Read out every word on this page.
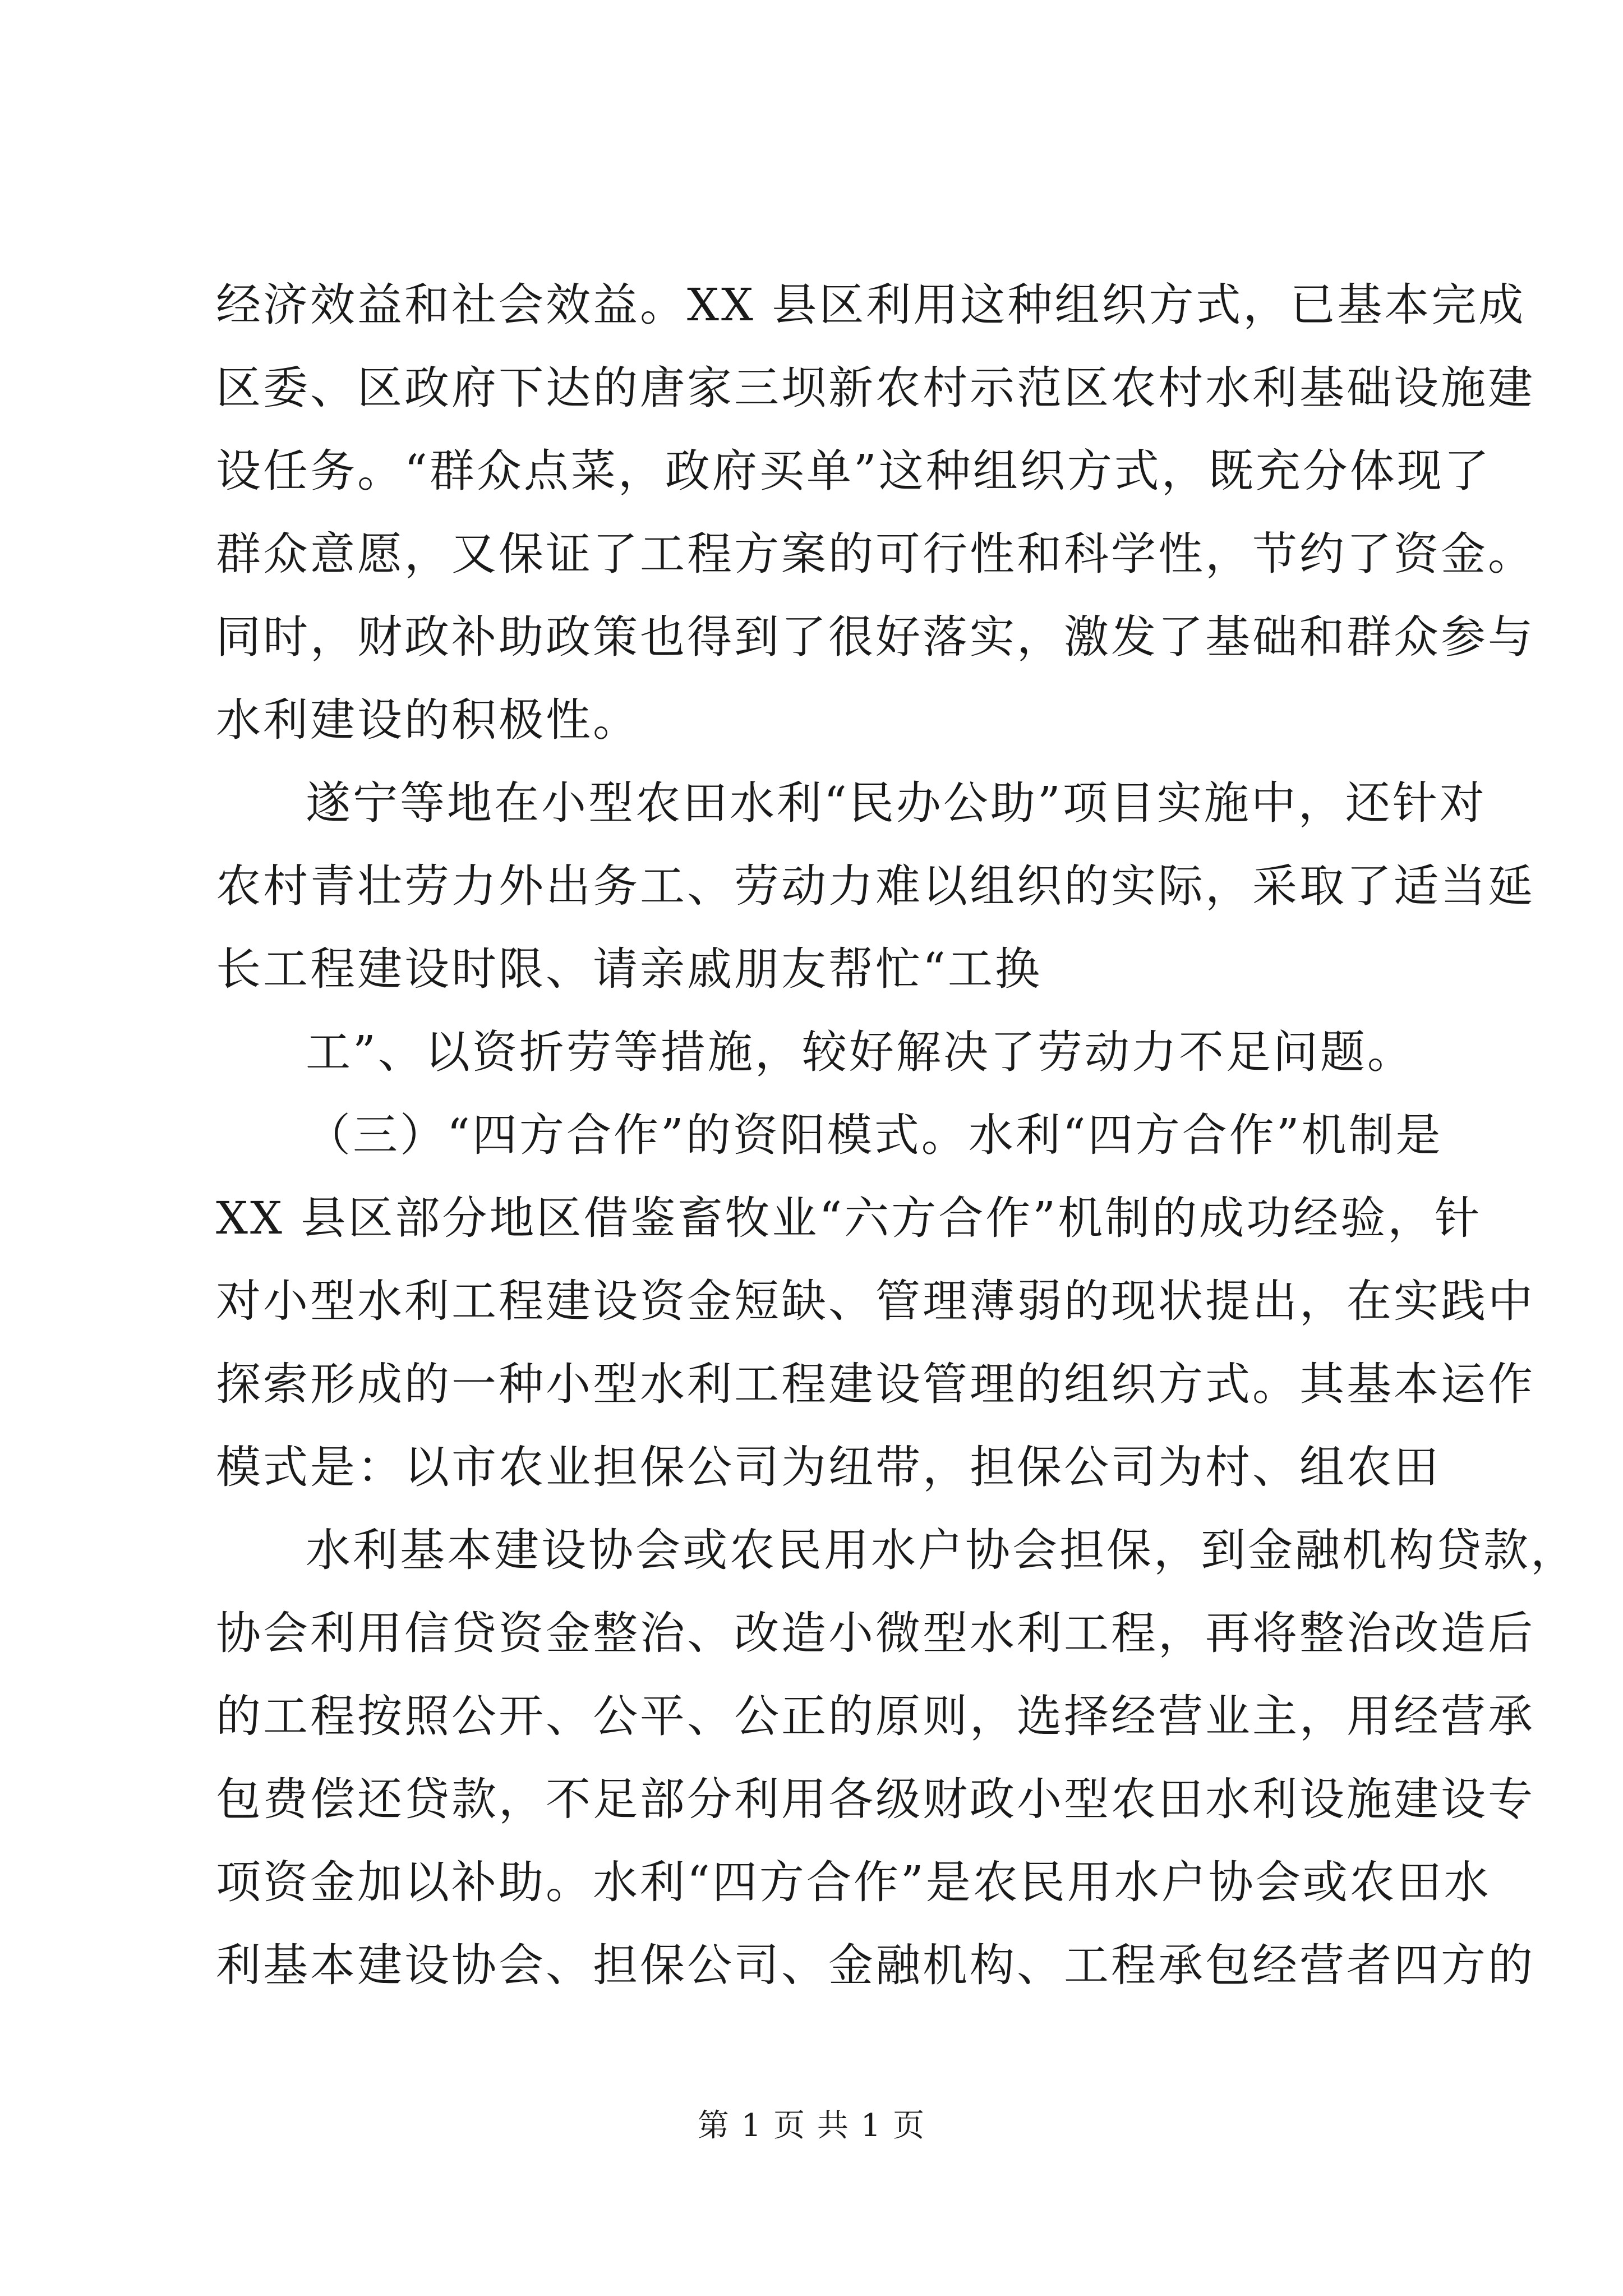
经济效益和社会效益。XX 县区利用这种组织方式，已基本完成
区委、区政府下达的唐家三坝新农村示范区农村水利基础设施建
设任务。“群众点菜，政府买单”这种组织方式，既充分体现了
群众意愿，又保证了工程方案的可行性和科学性，节约了资金。
同时，财政补助政策也得到了很好落实，激发了基础和群众参与
水利建设的积极性。
遂宁等地在小型农田水利“民办公助”项目实施中，还针对
农村青壮劳力外出务工、劳动力难以组织的实际，采取了适当延
长工程建设时限、请亲戚朋友帮忙“工换
工”、以资折劳等措施，较好解决了劳动力不足问题。
（三）“四方合作”的资阳模式。水利“四方合作”机制是
XX 县区部分地区借鉴畜牧业“六方合作”机制的成功经验，针
对小型水利工程建设资金短缺、管理薄弱的现状提出，在实践中
探索形成的一种小型水利工程建设管理的组织方式。其基本运作
模式是：以市农业担保公司为纽带，担保公司为村、组农田
水利基本建设协会或农民用水户协会担保，到金融机构贷款，
协会利用信贷资金整治、改造小微型水利工程，再将整治改造后
的工程按照公开、公平、公正的原则，选择经营业主，用经营承
包费偿还贷款，不足部分利用各级财政小型农田水利设施建设专
项资金加以补助。水利“四方合作”是农民用水户协会或农田水
利基本建设协会、担保公司、金融机构、工程承包经营者四方的
第 1 页 共 1 页
